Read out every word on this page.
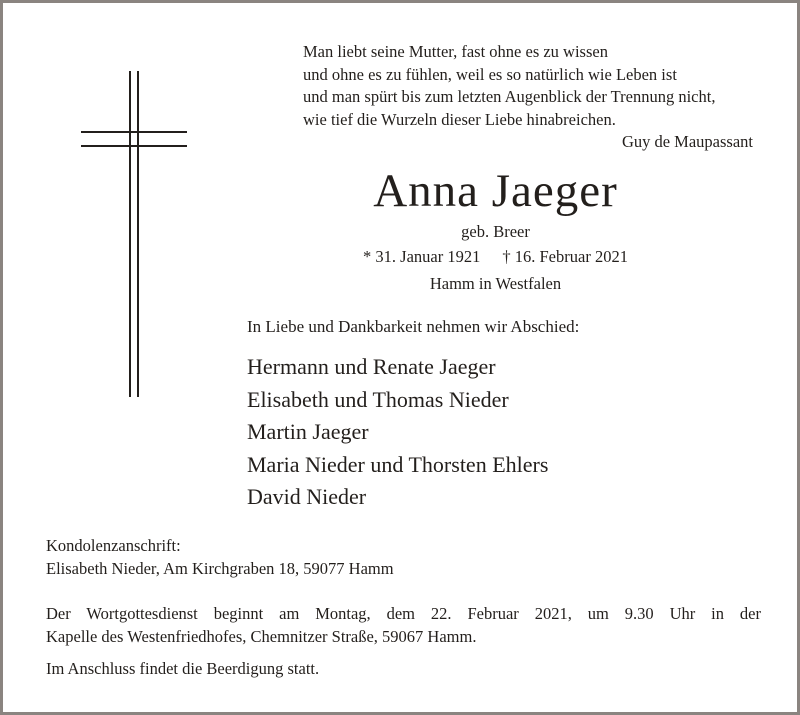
Man liebt seine Mutter, fast ohne es zu wissen
und ohne es zu fühlen, weil es so natürlich wie Leben ist
und man spürt bis zum letzten Augenblick der Trennung nicht,
wie tief die Wurzeln dieser Liebe hinabreichen.
Guy de Maupassant
Anna Jaeger
geb. Breer
* 31. Januar 1921 † 16. Februar 2021
Hamm in Westfalen
In Liebe und Dankbarkeit nehmen wir Abschied:
Hermann und Renate Jaeger
Elisabeth und Thomas Nieder
Martin Jaeger
Maria Nieder und Thorsten Ehlers
David Nieder
Kondolenzanschrift:
Elisabeth Nieder, Am Kirchgraben 18, 59077 Hamm
Der Wortgottesdienst beginnt am Montag, dem 22. Februar 2021, um 9.30 Uhr in der
Kapelle des Westenfriedhofes, Chemnitzer Straße, 59067 Hamm.
Im Anschluss findet die Beerdigung statt.
